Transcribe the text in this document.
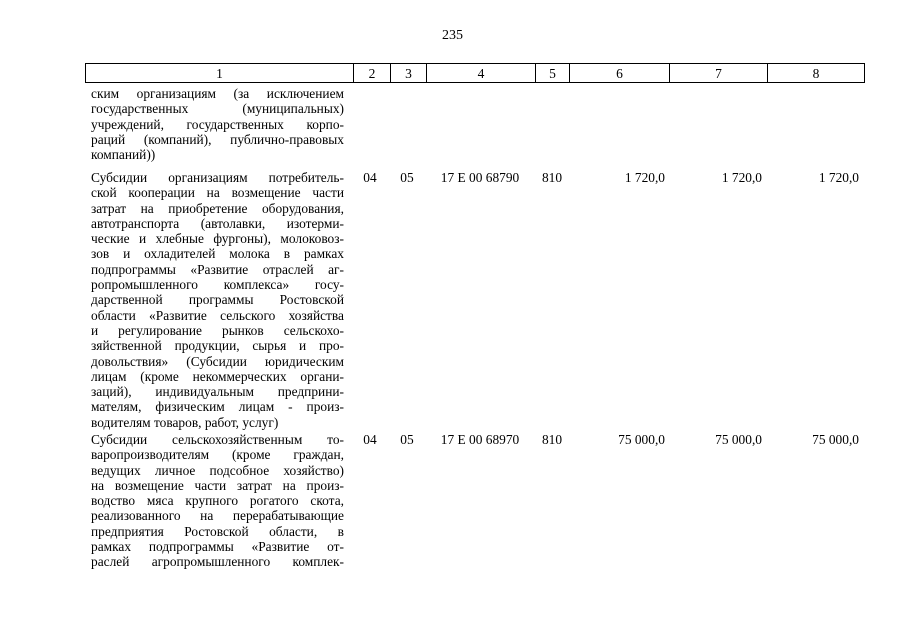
235
1	2	3	4	5	6	7	8
ским организациям (за исключением
государственных (муниципальных)
учреждений, государственных корпо-
раций (компаний), публично-правовых
компаний))
Субсидии организациям потребитель-
ской кооперации на возмещение части
затрат на приобретение оборудования,
автотранспорта (автолавки, изотерми-
ческие и хлебные фургоны), молоковоз-
зов и охладителей молока в рамках
подпрограммы «Развитие отраслей аг-
ропромышленного комплекса» госу-
дарственной программы Ростовской
области «Развитие сельского хозяйства
и регулирование рынков сельскохо-
зяйственной продукции, сырья и про-
довольствия» (Субсидии юридическим
лицам (кроме некоммерческих органи-
заций), индивидуальным предприни-
мателям, физическим лицам - произ-
водителям товаров, работ, услуг)
04	05	17 Е 00 68790	810	1 720,0	1 720,0	1 720,0
Субсидии сельскохозяйственным то-
варопроизводителям (кроме граждан,
ведущих личное подсобное хозяйство)
на возмещение части затрат на произ-
водство мяса крупного рогатого скота,
реализованного на перерабатывающие
предприятия Ростовской области, в
рамках подпрограммы «Развитие от-
раслей агропромышленного комплек-
04	05	17 Е 00 68970	810	75 000,0	75 000,0	75 000,0
